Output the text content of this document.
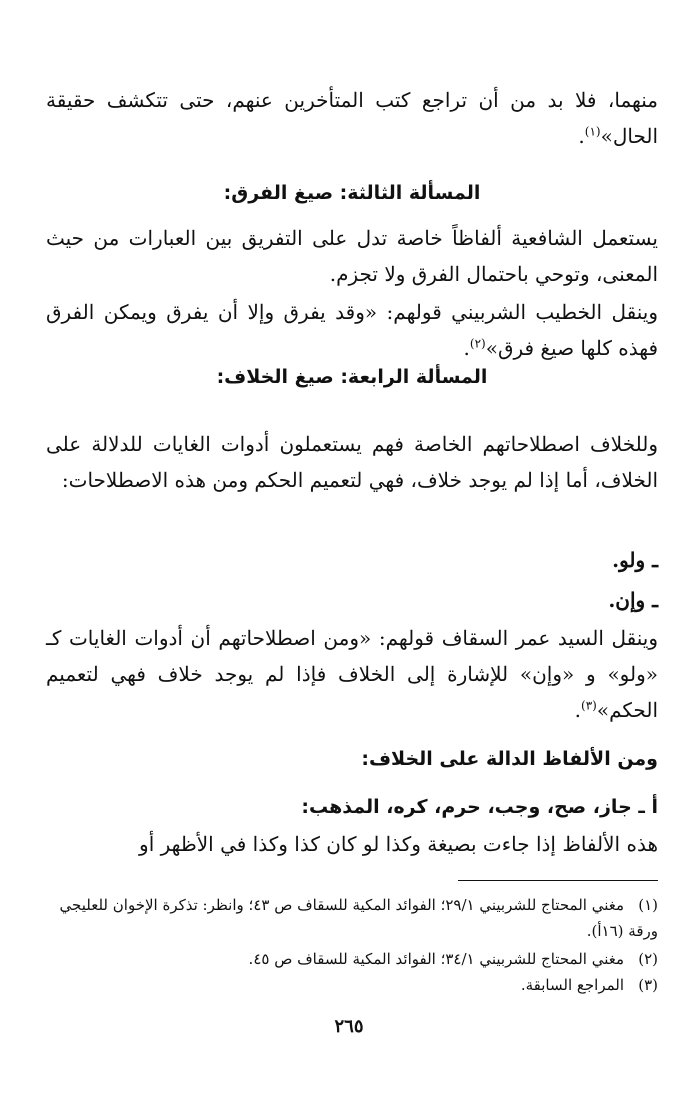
منهما، فلا بد من أن تراجع كتب المتأخرين عنهم، حتى تتكشف حقيقة الحال»$^{(١)}$.

المسألة الثالثة: صيغ الفرق:

يستعمل الشافعية ألفاظاً خاصة تدل على التفريق بين العبارات من حيث المعنى، وتوحي باحتمال الفرق ولا تجزم.

وينقل الخطيب الشربيني قولهم: «وقد يفرق وإلا أن يفرق ويمكن الفرق فهذه كلها صيغ فرق»$^{(٢)}$.

المسألة الرابعة: صيغ الخلاف:

وللخلاف اصطلاحاتهم الخاصة فهم يستعملون أدوات الغايات للدلالة على الخلاف، أما إذا لم يوجد خلاف، فهي لتعميم الحكم ومن هذه الاصطلاحات:

ـ ولو.

ـ وإن.

وينقل السيد عمر السقاف قولهم: «ومن اصطلاحاتهم أن أدوات الغايات كـ «ولو» و «وإن» للإشارة إلى الخلاف فإذا لم يوجد خلاف فهي لتعميم الحكم»$^{(٣)}$.

ومن الألفاظ الدالة على الخلاف:
أ ـ جاز، صح، وجب، حرم، كره، المذهب:

هذه الألفاظ إذا جاءت بصيغة وكذا لو كان كذا وكذا في الأظهر أو

(١)مغني المحتاج للشربيني ٢٩/١؛ الفوائد المكية للسقاف ص ٤٣؛ وانظر: تذكرة الإخوان للعليجي ورقة (١٦أ).

(٢)مغني المحتاج للشربيني ٣٤/١؛ الفوائد المكية للسقاف ص ٤٥.

(٣)المراجع السابقة.

٢٦٥
